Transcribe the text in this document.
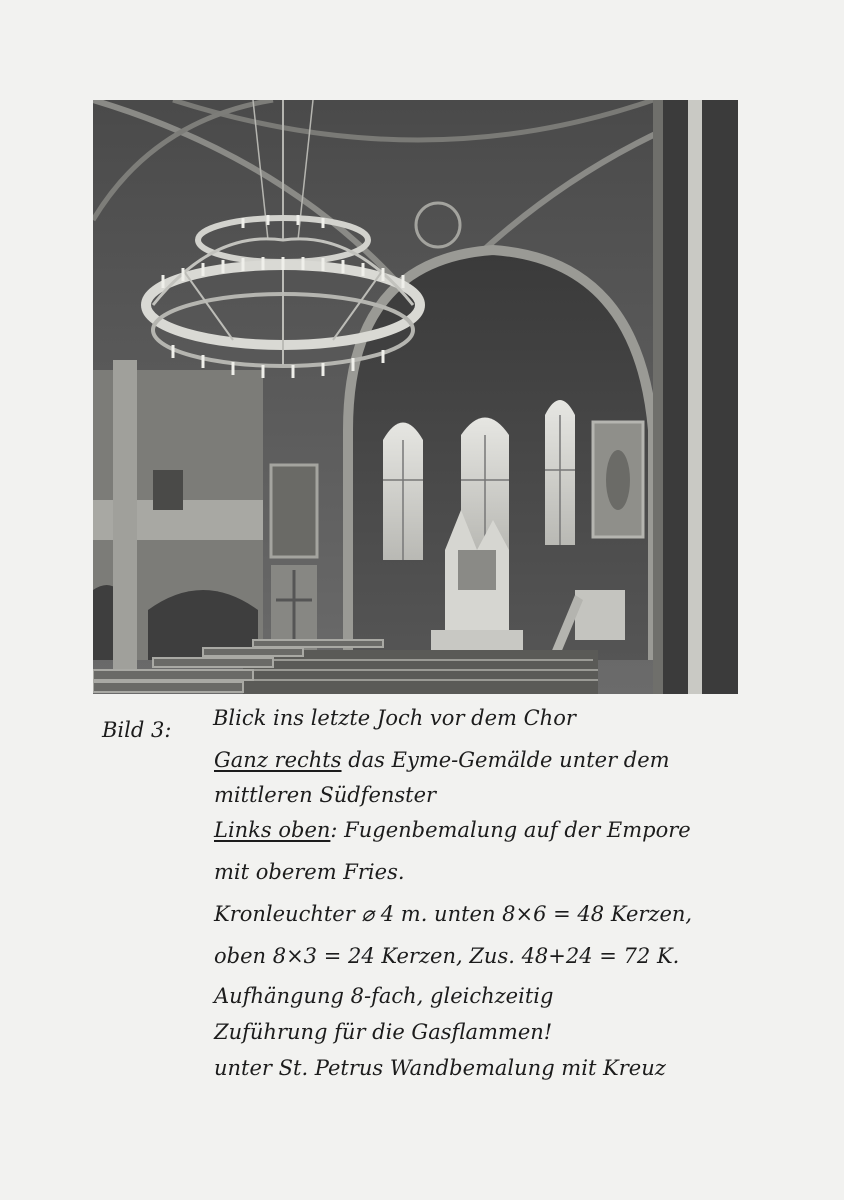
Bild 3: Blick ins letzte Joch vor dem Chor
Ganz rechts das Eyme-Gemälde unter dem
mittleren Südfenster
Links oben: Fugenbemalung auf der Empore
mit oberem Fries.
Kronleuchter ⌀ 4 m. unten 8×6 = 48 Kerzen,
oben 8×3 = 24 Kerzen, Zus. 48+24 = 72 K.
Aufhängung 8-fach, gleichzeitig
Zuführung für die Gasflammen!
unter St. Petrus Wandbemalung mit Kreuz
